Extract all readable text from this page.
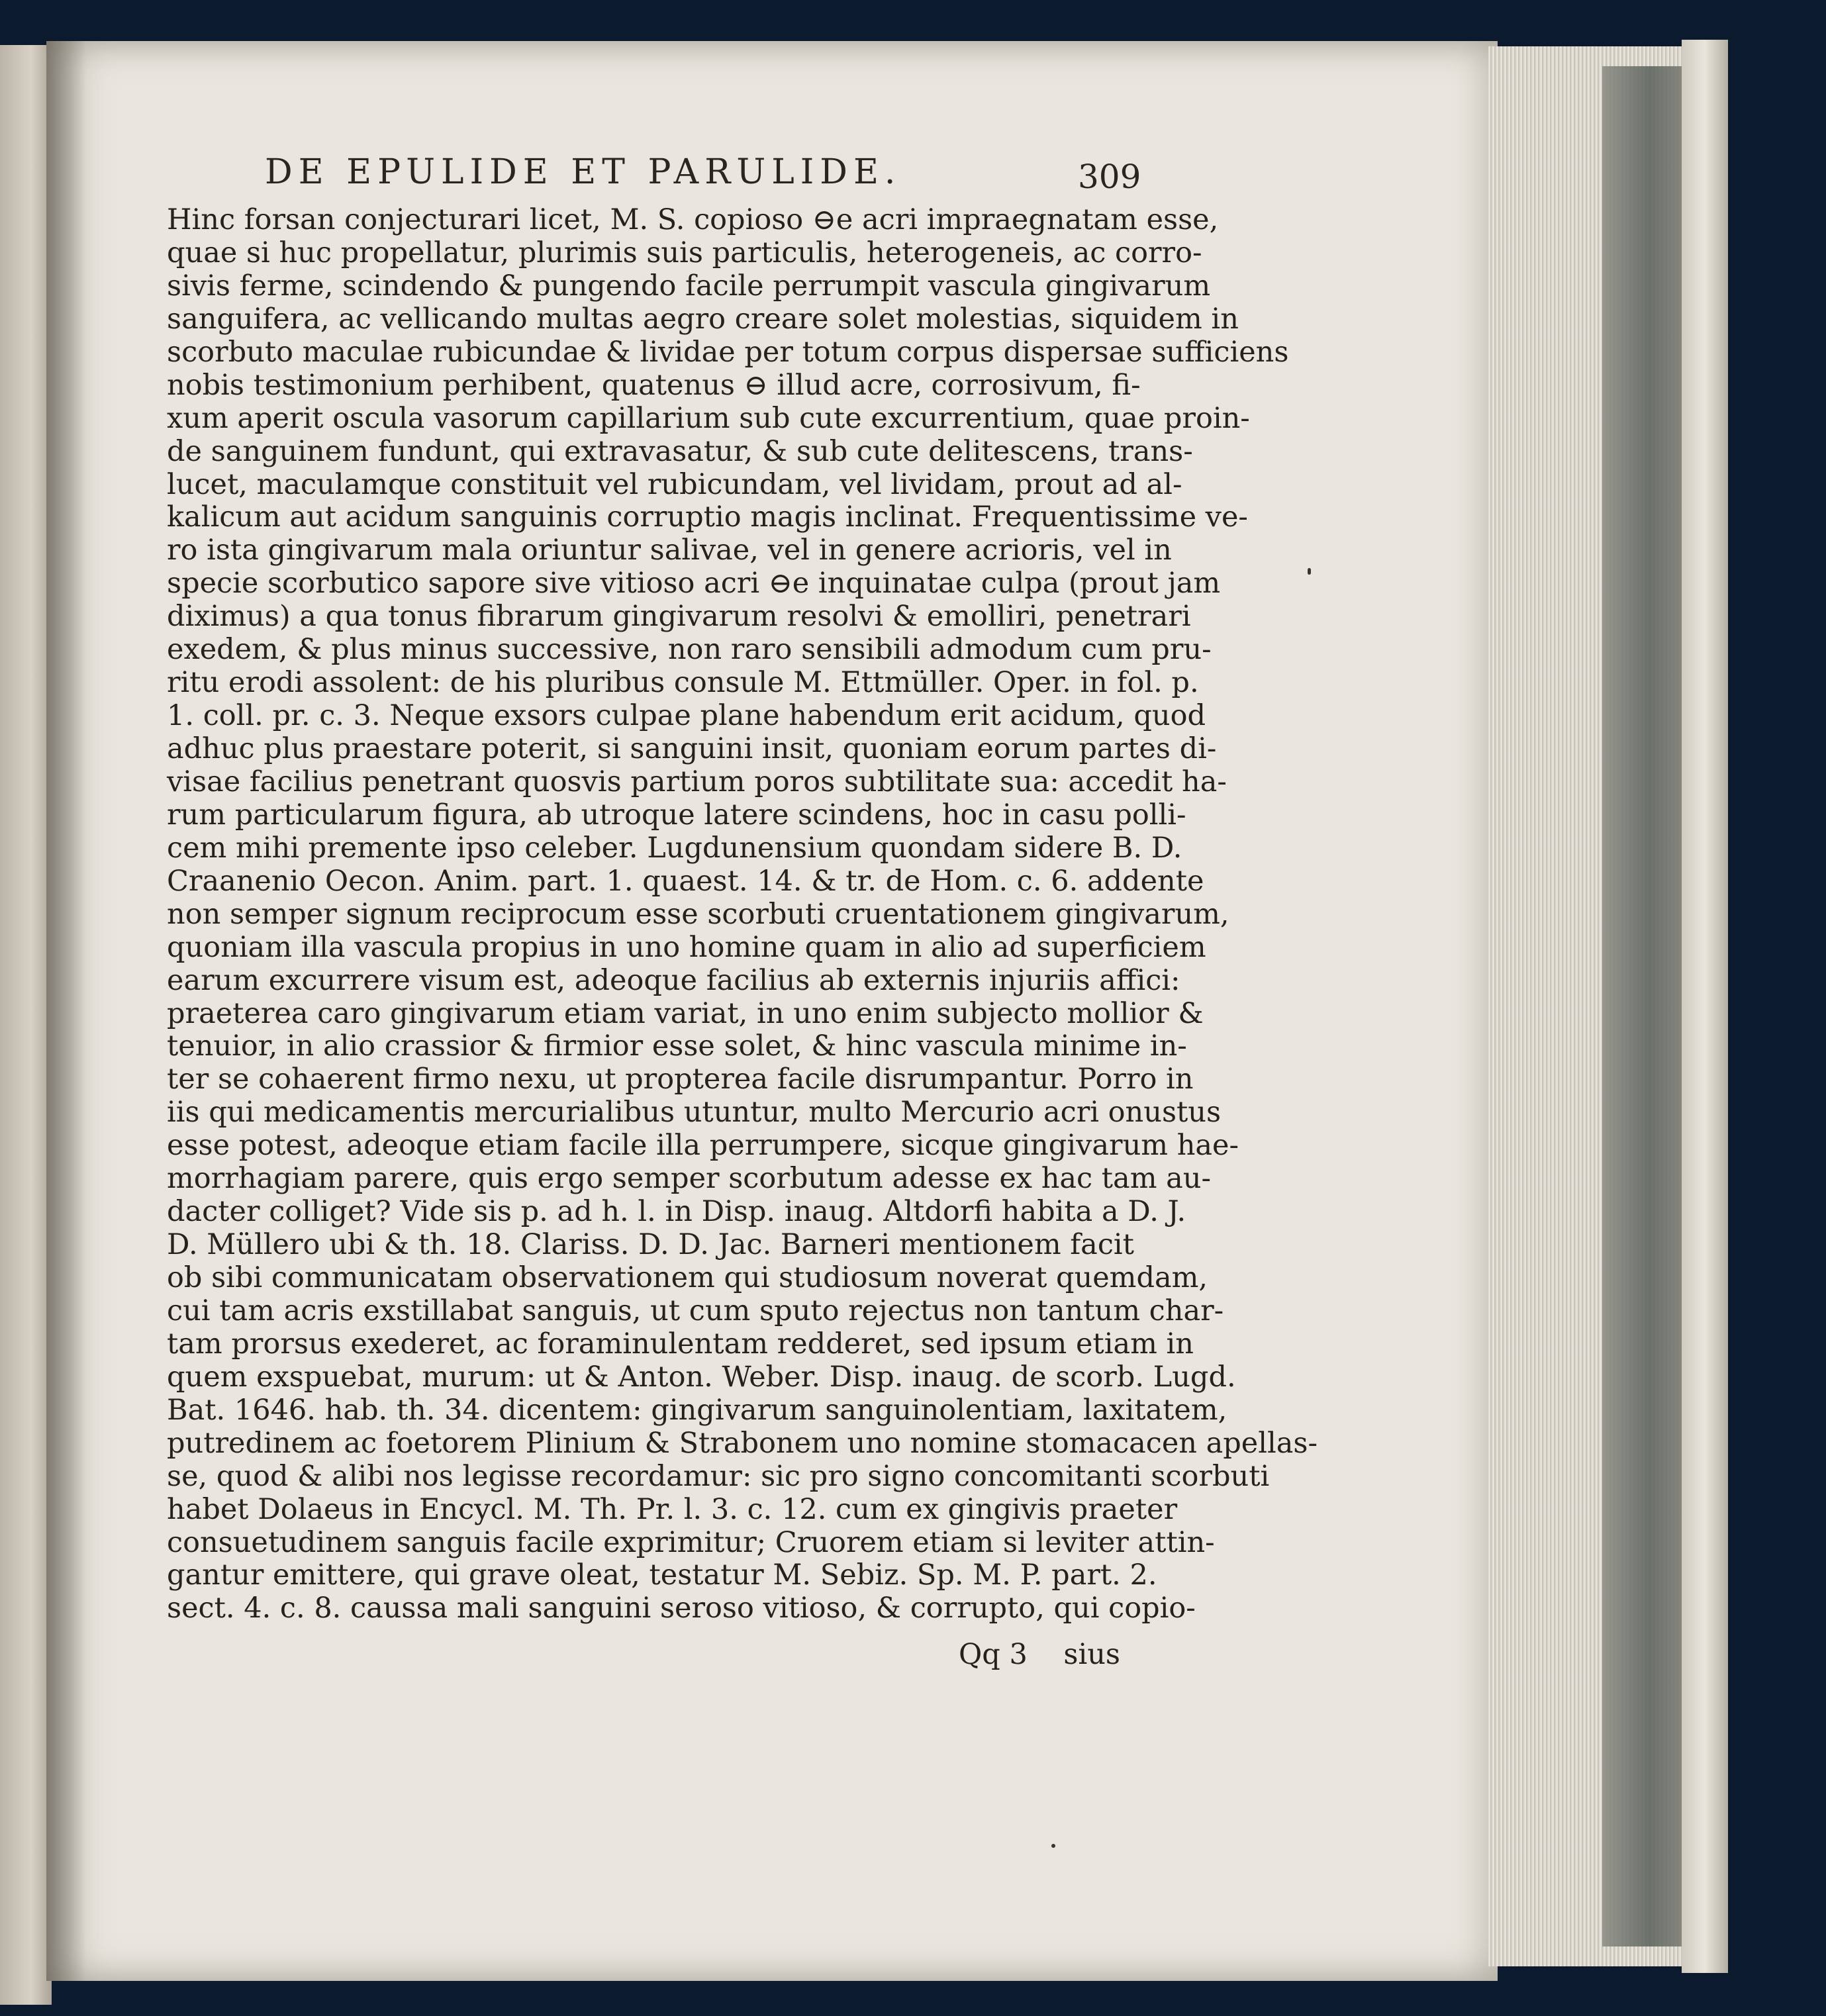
DE EPULIDE ET PARULIDE.	309
Hinc forsan conjecturari licet, M. S. copioso ⊖e acri impraegnatam esse,
quae si huc propellatur, plurimis suis particulis, heterogeneis, ac corro-
sivis ferme, scindendo & pungendo facile perrumpit vascula gingivarum
sanguifera, ac vellicando multas aegro creare solet molestias, siquidem in
scorbuto maculae rubicundae & lividae per totum corpus dispersae sufficiens
nobis testimonium perhibent, quatenus ⊖ illud acre, corrosivum, fi-
xum aperit oscula vasorum capillarium sub cute excurrentium, quae proin-
de sanguinem fundunt, qui extravasatur, & sub cute delitescens, trans-
lucet, maculamque constituit vel rubicundam, vel lividam, prout ad al-
kalicum aut acidum sanguinis corruptio magis inclinat. Frequentissime ve-
ro ista gingivarum mala oriuntur salivae, vel in genere acrioris, vel in
specie scorbutico sapore sive vitioso acri ⊖e inquinatae culpa (prout jam
diximus) a qua tonus fibrarum gingivarum resolvi & emolliri, penetrari
exedem, & plus minus successive, non raro sensibili admodum cum pru-
ritu erodi assolent: de his pluribus consule M. Ettmüller. Oper. in fol. p.
1. coll. pr. c. 3. Neque exsors culpae plane habendum erit acidum, quod
adhuc plus praestare poterit, si sanguini insit, quoniam eorum partes di-
visae facilius penetrant quosvis partium poros subtilitate sua: accedit ha-
rum particularum figura, ab utroque latere scindens, hoc in casu polli-
cem mihi premente ipso celeber. Lugdunensium quondam sidere B. D.
Craanenio Oecon. Anim. part. 1. quaest. 14. & tr. de Hom. c. 6. addente
non semper signum reciprocum esse scorbuti cruentationem gingivarum,
quoniam illa vascula propius in uno homine quam in alio ad superficiem
earum excurrere visum est, adeoque facilius ab externis injuriis affici:
praeterea caro gingivarum etiam variat, in uno enim subjecto mollior &
tenuior, in alio crassior & firmior esse solet, & hinc vascula minime in-
ter se cohaerent firmo nexu, ut propterea facile disrumpantur. Porro in
iis qui medicamentis mercurialibus utuntur, multo Mercurio acri onustus
esse potest, adeoque etiam facile illa perrumpere, sicque gingivarum hae-
morrhagiam parere, quis ergo semper scorbutum adesse ex hac tam au-
dacter colliget? Vide sis p. ad h. l. in Disp. inaug. Altdorfi habita a D. J.
D. Müllero ubi & th. 18. Clariss. D. D. Jac. Barneri mentionem facit
ob sibi communicatam observationem qui studiosum noverat quemdam,
cui tam acris exstillabat sanguis, ut cum sputo rejectus non tantum char-
tam prorsus exederet, ac foraminulentam redderet, sed ipsum etiam in
quem exspuebat, murum: ut & Anton. Weber. Disp. inaug. de scorb. Lugd.
Bat. 1646. hab. th. 34. dicentem: gingivarum sanguinolentiam, laxitatem,
putredinem ac foetorem Plinium & Strabonem uno nomine stomacacen apellas-
se, quod & alibi nos legisse recordamur: sic pro signo concomitanti scorbuti
habet Dolaeus in Encycl. M. Th. Pr. l. 3. c. 12. cum ex gingivis praeter
consuetudinem sanguis facile exprimitur; Cruorem etiam si leviter attin-
gantur emittere, qui grave oleat, testatur M. Sebiz. Sp. M. P. part. 2.
sect. 4. c. 8. caussa mali sanguini seroso vitioso, & corrupto, qui copio-
Qq 3 sius
